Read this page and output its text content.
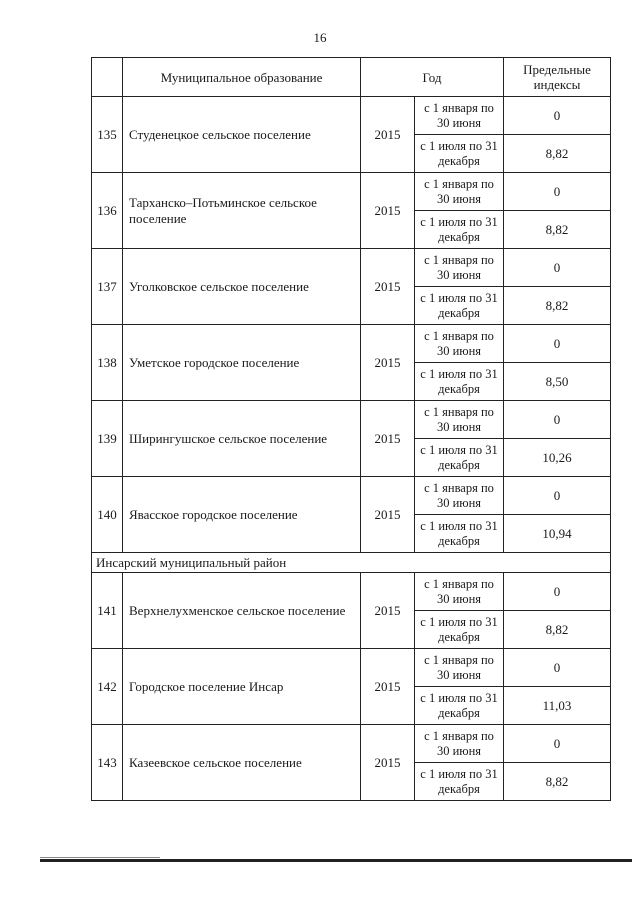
16
	Муниципальное образование	Год		Предельные индексы
135	Студенецкое сельское поселение	2015	с 1 января по 30 июня	0
			с 1 июля по 31 декабря	8,82
136	Тарханско–Потьминское сельское поселение	2015	с 1 января по 30 июня	0
			с 1 июля по 31 декабря	8,82
137	Уголковское сельское поселение	2015	с 1 января по 30 июня	0
			с 1 июля по 31 декабря	8,82
138	Уметское городское поселение	2015	с 1 января по 30 июня	0
			с 1 июля по 31 декабря	8,50
139	Ширингушское сельское поселение	2015	с 1 января по 30 июня	0
			с 1 июля по 31 декабря	10,26
140	Явасское городское поселение	2015	с 1 января по 30 июня	0
			с 1 июля по 31 декабря	10,94
Инсарский муниципальный район				
141	Верхнелухменское сельское поселение	2015	с 1 января по 30 июня	0
			с 1 июля по 31 декабря	8,82
142	Городское поселение Инсар	2015	с 1 января по 30 июня	0
			с 1 июля по 31 декабря	11,03
143	Казеевское сельское поселение	2015	с 1 января по 30 июня	0
			с 1 июля по 31 декабря	8,82
